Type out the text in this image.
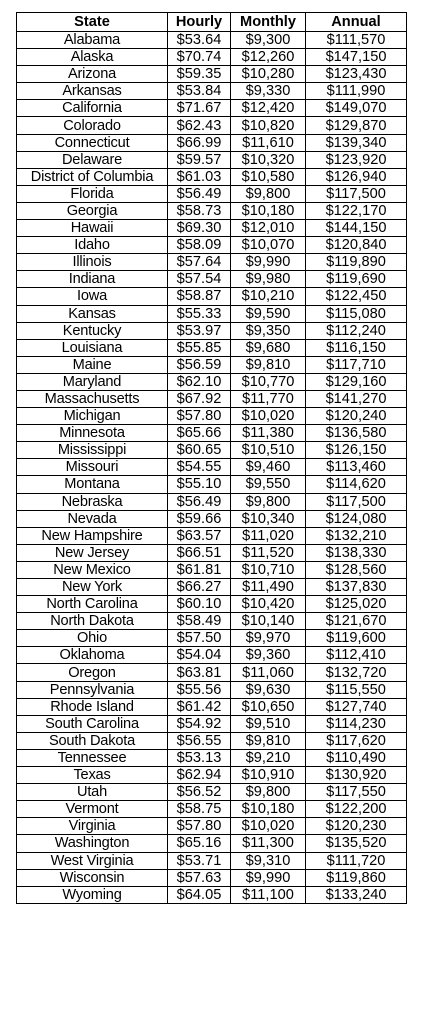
State	Hourly	Monthly	Annual
Alabama	$53.64	$9,300	$111,570
Alaska	$70.74	$12,260	$147,150
Arizona	$59.35	$10,280	$123,430
Arkansas	$53.84	$9,330	$111,990
California	$71.67	$12,420	$149,070
Colorado	$62.43	$10,820	$129,870
Connecticut	$66.99	$11,610	$139,340
Delaware	$59.57	$10,320	$123,920
District of Columbia	$61.03	$10,580	$126,940
Florida	$56.49	$9,800	$117,500
Georgia	$58.73	$10,180	$122,170
Hawaii	$69.30	$12,010	$144,150
Idaho	$58.09	$10,070	$120,840
Illinois	$57.64	$9,990	$119,890
Indiana	$57.54	$9,980	$119,690
Iowa	$58.87	$10,210	$122,450
Kansas	$55.33	$9,590	$115,080
Kentucky	$53.97	$9,350	$112,240
Louisiana	$55.85	$9,680	$116,150
Maine	$56.59	$9,810	$117,710
Maryland	$62.10	$10,770	$129,160
Massachusetts	$67.92	$11,770	$141,270
Michigan	$57.80	$10,020	$120,240
Minnesota	$65.66	$11,380	$136,580
Mississippi	$60.65	$10,510	$126,150
Missouri	$54.55	$9,460	$113,460
Montana	$55.10	$9,550	$114,620
Nebraska	$56.49	$9,800	$117,500
Nevada	$59.66	$10,340	$124,080
New Hampshire	$63.57	$11,020	$132,210
New Jersey	$66.51	$11,520	$138,330
New Mexico	$61.81	$10,710	$128,560
New York	$66.27	$11,490	$137,830
North Carolina	$60.10	$10,420	$125,020
North Dakota	$58.49	$10,140	$121,670
Ohio	$57.50	$9,970	$119,600
Oklahoma	$54.04	$9,360	$112,410
Oregon	$63.81	$11,060	$132,720
Pennsylvania	$55.56	$9,630	$115,550
Rhode Island	$61.42	$10,650	$127,740
South Carolina	$54.92	$9,510	$114,230
South Dakota	$56.55	$9,810	$117,620
Tennessee	$53.13	$9,210	$110,490
Texas	$62.94	$10,910	$130,920
Utah	$56.52	$9,800	$117,550
Vermont	$58.75	$10,180	$122,200
Virginia	$57.80	$10,020	$120,230
Washington	$65.16	$11,300	$135,520
West Virginia	$53.71	$9,310	$111,720
Wisconsin	$57.63	$9,990	$119,860
Wyoming	$64.05	$11,100	$133,240
